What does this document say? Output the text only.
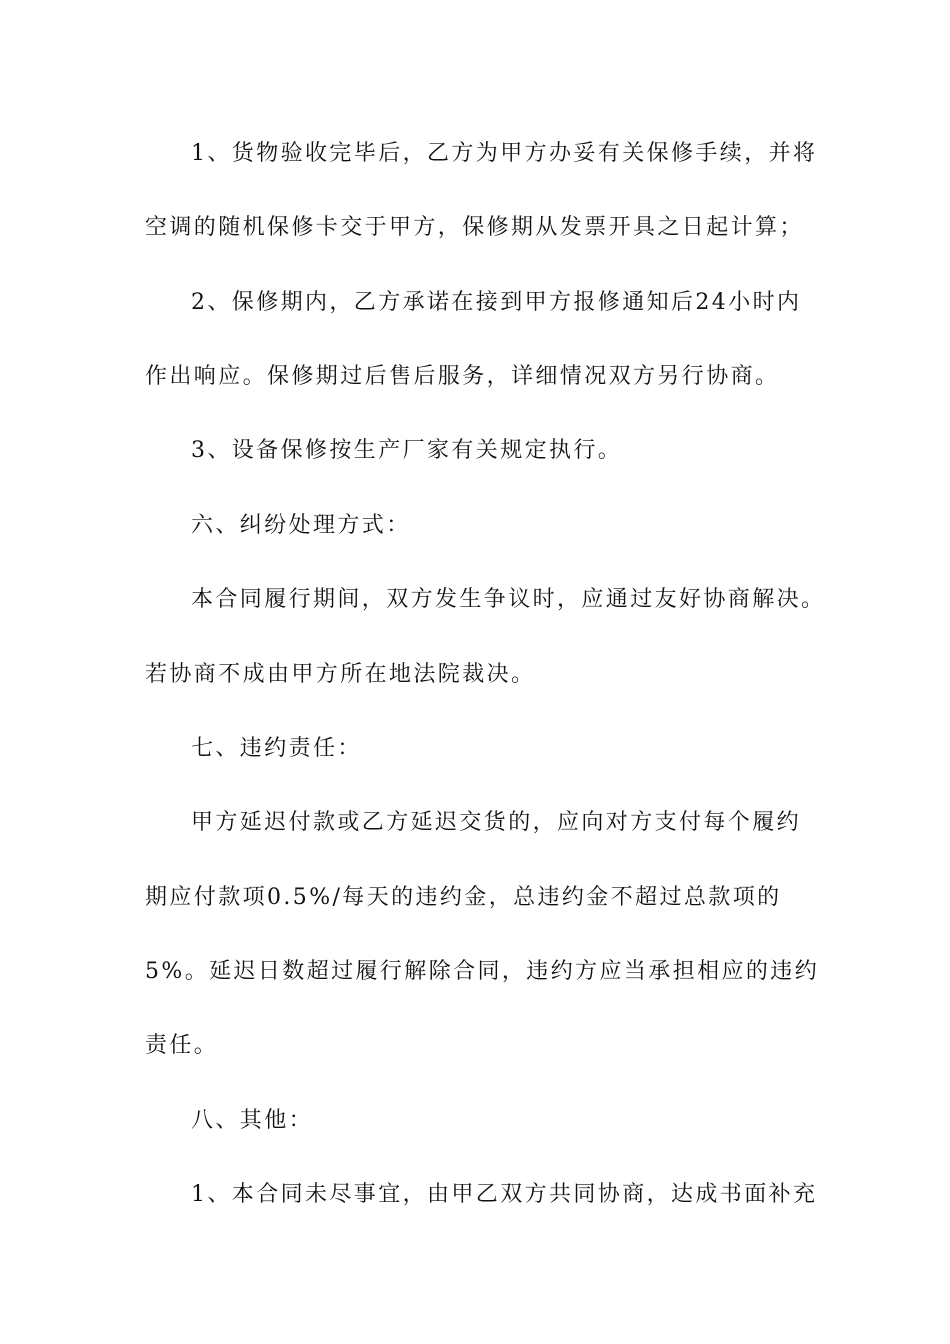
1、货物验收完毕后，乙方为甲方办妥有关保修手续，并将
空调的随机保修卡交于甲方，保修期从发票开具之日起计算；
2、保修期内，乙方承诺在接到甲方报修通知后24小时内
作出响应。保修期过后售后服务，详细情况双方另行协商。
3、设备保修按生产厂家有关规定执行。
六、纠纷处理方式：
本合同履行期间，双方发生争议时，应通过友好协商解决。
若协商不成由甲方所在地法院裁决。
七、违约责任：
甲方延迟付款或乙方延迟交货的，应向对方支付每个履约
期应付款项0.5%/每天的违约金，总违约金不超过总款项的
5%。延迟日数超过履行解除合同，违约方应当承担相应的违约
责任。
八、其他：
1、本合同未尽事宜，由甲乙双方共同协商，达成书面补充
